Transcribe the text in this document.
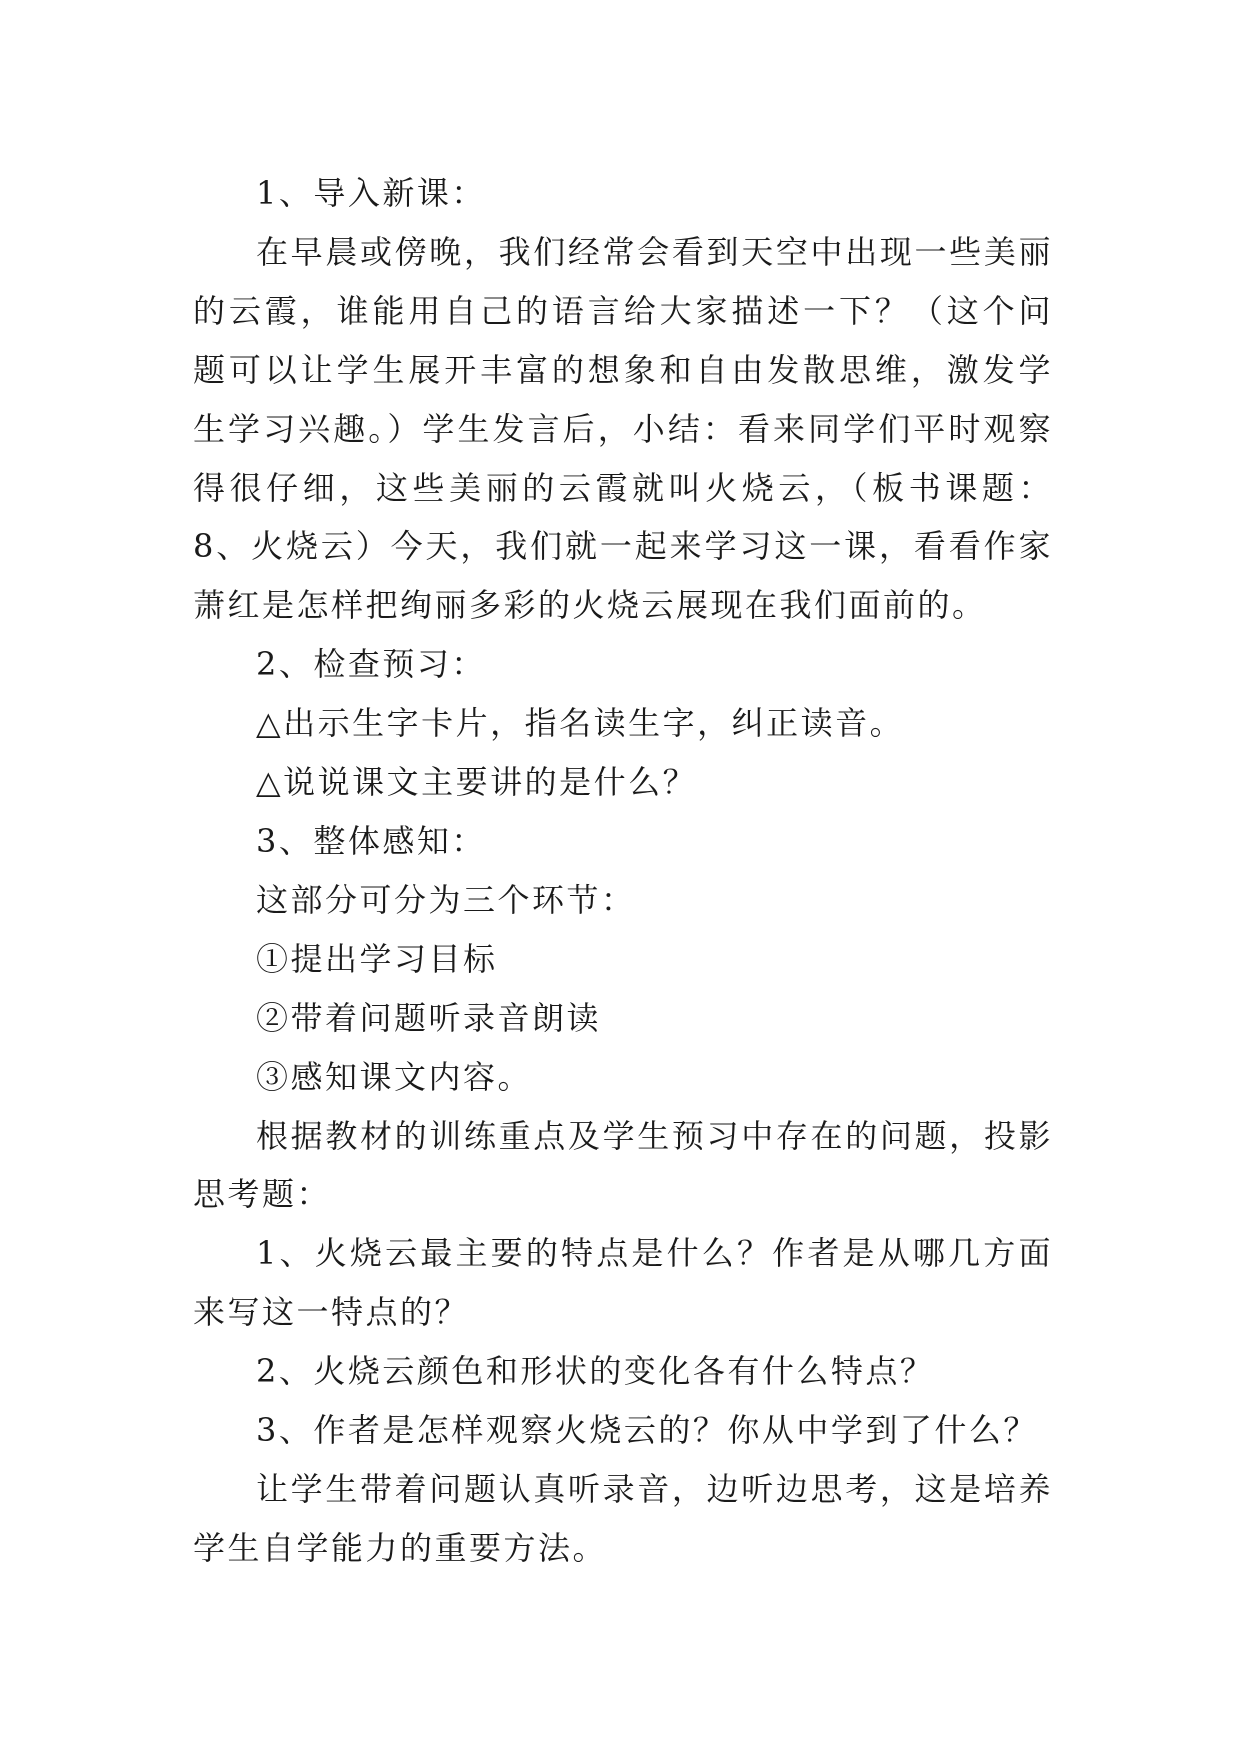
1、导入新课：

在早晨或傍晚，我们经常会看到天空中出现一些美丽的云霞，谁能用自己的语言给大家描述一下？（这个问题可以让学生展开丰富的想象和自由发散思维，激发学生学习兴趣。）学生发言后，小结：看来同学们平时观察得很仔细，这些美丽的云霞就叫火烧云，（板书课题：8、火烧云）今天，我们就一起来学习这一课，看看作家萧红是怎样把绚丽多彩的火烧云展现在我们面前的。

2、检查预习：

△出示生字卡片，指名读生字，纠正读音。

△说说课文主要讲的是什么？

3、整体感知：

这部分可分为三个环节：

①提出学习目标

②带着问题听录音朗读

③感知课文内容。

根据教材的训练重点及学生预习中存在的问题，投影思考题：

1、火烧云最主要的特点是什么？作者是从哪几方面来写这一特点的？

2、火烧云颜色和形状的变化各有什么特点？

3、作者是怎样观察火烧云的？你从中学到了什么？

让学生带着问题认真听录音，边听边思考，这是培养学生自学能力的重要方法。
